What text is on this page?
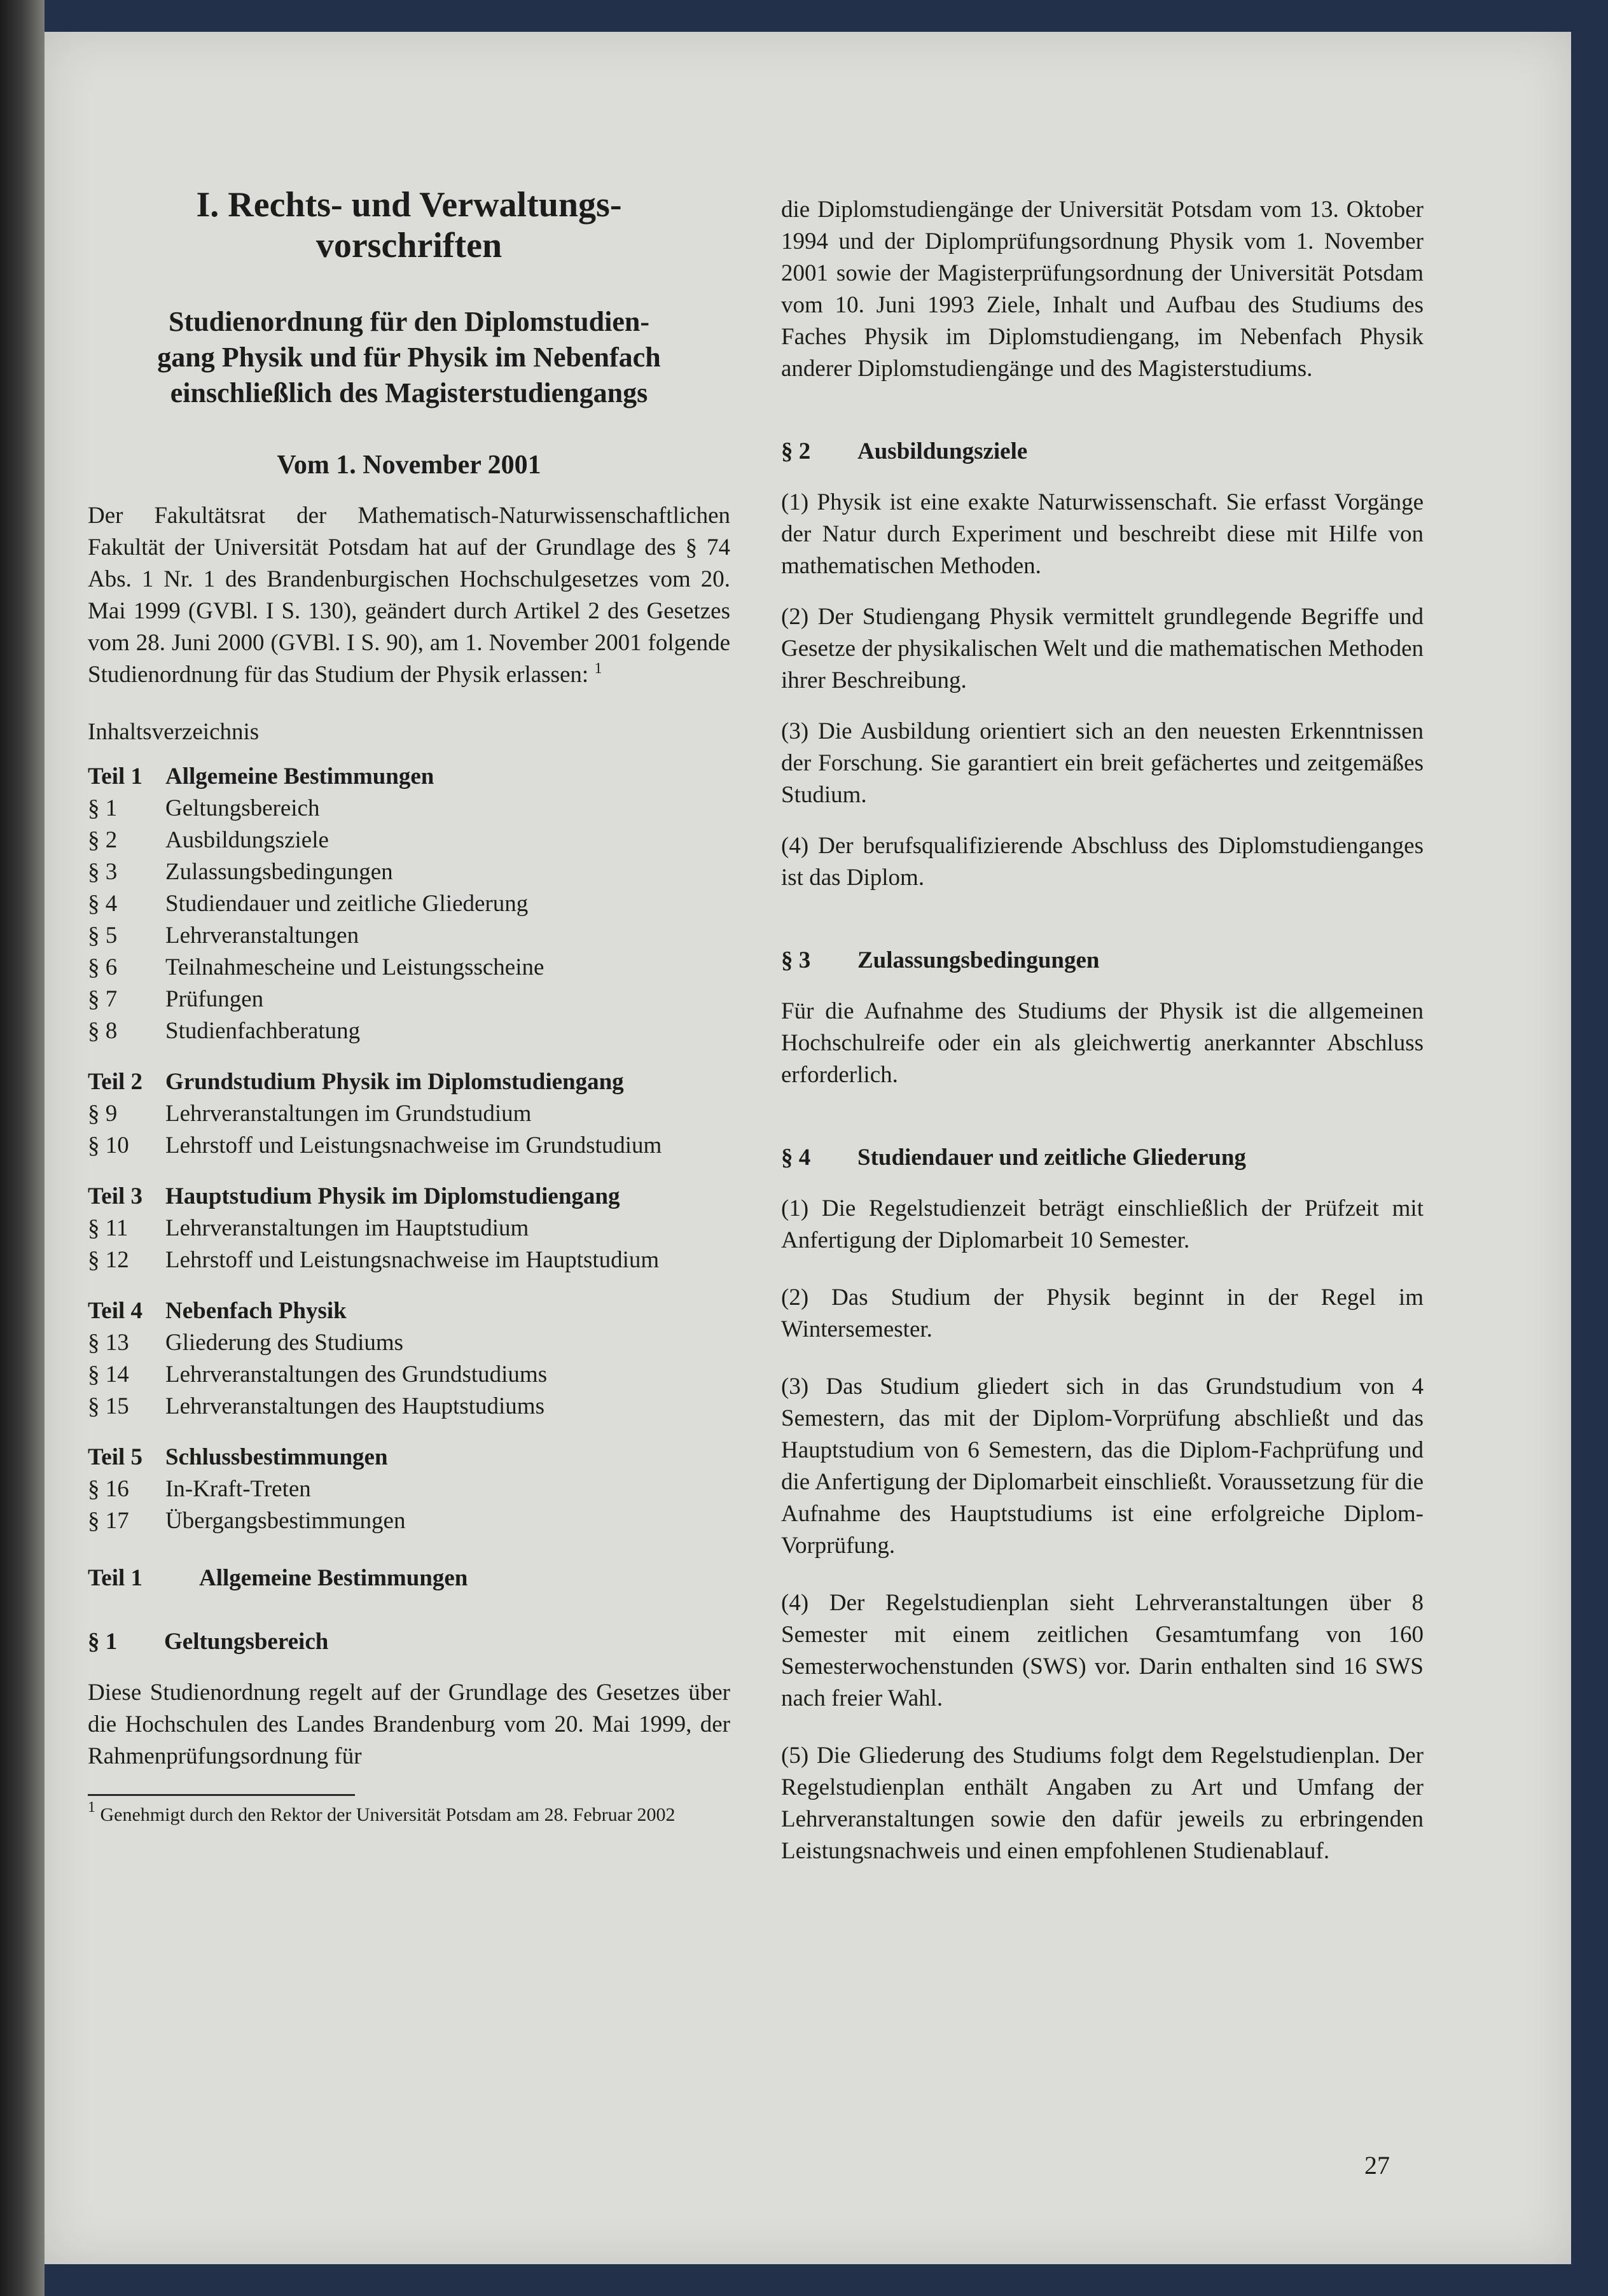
I. Rechts- und Verwaltungs-
vorschriften
Studienordnung für den Diplomstudien-
gang Physik und für Physik im Nebenfach
einschließlich des Magisterstudiengangs
Vom 1. November 2001

Der Fakultätsrat der Mathematisch-Naturwissenschaftlichen Fakultät der Universität Potsdam hat auf der Grundlage des § 74 Abs. 1 Nr. 1 des Brandenburgischen Hochschulgesetzes vom 20. Mai 1999 (GVBl. I S. 130), geändert durch Artikel 2 des Gesetzes vom 28. Juni 2000 (GVBl. I S. 90), am 1. November 2001 folgende Studienordnung für das Studium der Physik erlassen: $^1$

Inhaltsverzeichnis

Teil 1 Allgemeine Bestimmungen
§ 1	Geltungsbereich
§ 2	Ausbildungsziele
§ 3	Zulassungsbedingungen
§ 4	Studiendauer und zeitliche Gliederung
§ 5	Lehrveranstaltungen
§ 6	Teilnahmescheine und Leistungsscheine
§ 7	Prüfungen
§ 8	Studienfachberatung
Teil 2 Grundstudium Physik im Diplomstudiengang
§ 9	Lehrveranstaltungen im Grundstudium
§ 10	Lehrstoff und Leistungsnachweise im Grundstudium
Teil 3 Hauptstudium Physik im Diplomstudiengang
§ 11	Lehrveranstaltungen im Hauptstudium
§ 12	Lehrstoff und Leistungsnachweise im Hauptstudium
Teil 4 Nebenfach Physik
§ 13	Gliederung des Studiums
§ 14	Lehrveranstaltungen des Grundstudiums
§ 15	Lehrveranstaltungen des Hauptstudiums
Teil 5 Schlussbestimmungen
§ 16	In-Kraft-Treten
§ 17	Übergangsbestimmungen
Teil 1	Allgemeine Bestimmungen
§ 1	Geltungsbereich

Diese Studienordnung regelt auf der Grundlage des Gesetzes über die Hochschulen des Landes Brandenburg vom 20. Mai 1999, der Rahmenprüfungsordnung für

$^1$ Genehmigt durch den Rektor der Universität Potsdam am 28. Februar 2002

die Diplomstudiengänge der Universität Potsdam vom 13. Oktober 1994 und der Diplomprüfungsordnung Physik vom 1. November 2001 sowie der Magisterprüfungsordnung der Universität Potsdam vom 10. Juni 1993 Ziele, Inhalt und Aufbau des Studiums des Faches Physik im Diplomstudiengang, im Nebenfach Physik anderer Diplomstudiengänge und des Magisterstudiums.

§ 2	Ausbildungsziele

(1) Physik ist eine exakte Naturwissenschaft. Sie erfasst Vorgänge der Natur durch Experiment und beschreibt diese mit Hilfe von mathematischen Methoden.

(2) Der Studiengang Physik vermittelt grundlegende Begriffe und Gesetze der physikalischen Welt und die mathematischen Methoden ihrer Beschreibung.

(3) Die Ausbildung orientiert sich an den neuesten Erkenntnissen der Forschung. Sie garantiert ein breit gefächertes und zeitgemäßes Studium.

(4) Der berufsqualifizierende Abschluss des Diplomstudienganges ist das Diplom.

§ 3	Zulassungsbedingungen

Für die Aufnahme des Studiums der Physik ist die allgemeinen Hochschulreife oder ein als gleichwertig anerkannter Abschluss erforderlich.

§ 4	Studiendauer und zeitliche Gliederung

(1) Die Regelstudienzeit beträgt einschließlich der Prüfzeit mit Anfertigung der Diplomarbeit 10 Semester.

(2) Das Studium der Physik beginnt in der Regel im Wintersemester.

(3) Das Studium gliedert sich in das Grundstudium von 4 Semestern, das mit der Diplom-Vorprüfung abschließt und das Hauptstudium von 6 Semestern, das die Diplom-Fachprüfung und die Anfertigung der Diplomarbeit einschließt. Voraussetzung für die Aufnahme des Hauptstudiums ist eine erfolgreiche Diplom-Vorprüfung.

(4) Der Regelstudienplan sieht Lehrveranstaltungen über 8 Semester mit einem zeitlichen Gesamtumfang von 160 Semesterwochenstunden (SWS) vor. Darin enthalten sind 16 SWS nach freier Wahl.

(5) Die Gliederung des Studiums folgt dem Regelstudienplan. Der Regelstudienplan enthält Angaben zu Art und Umfang der Lehrveranstaltungen sowie den dafür jeweils zu erbringenden Leistungsnachweis und einen empfohlenen Studienablauf.

27
